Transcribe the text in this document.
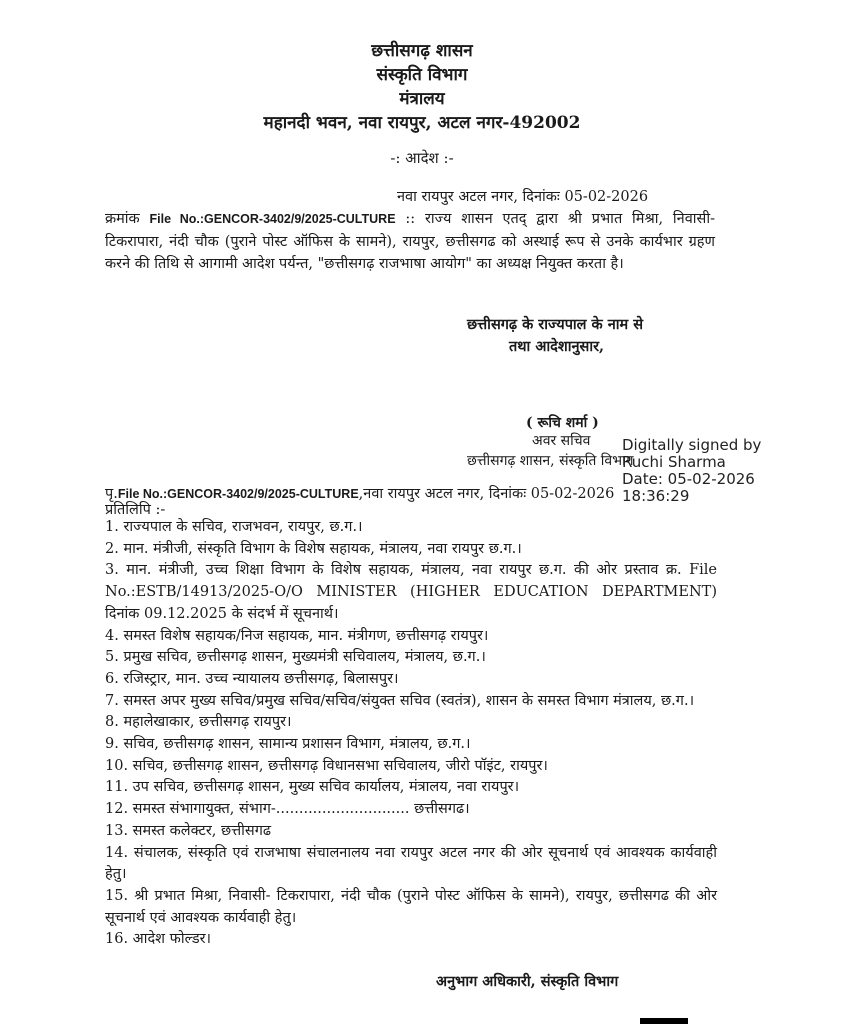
छत्तीसगढ़ शासन
संस्कृति विभाग
मंत्रालय
महानदी भवन, नवा रायपुर, अटल नगर-492002
-: आदेश :-
नवा रायपुर अटल नगर, दिनांकः 05-02-2026
क्रमांक File No.:GENCOR-3402/9/2025-CULTURE :: राज्य शासन एतद् द्वारा श्री प्रभात मिश्रा, निवासी- टिकरापारा, नंदी चौक (पुराने पोस्ट ऑफिस के सामने), रायपुर, छत्तीसगढ को अस्थाई रूप से उनके कार्यभार ग्रहण करने की तिथि से आगामी आदेश पर्यन्त, "छत्तीसगढ़ राजभाषा आयोग" का अध्यक्ष नियुक्त करता है।
छत्तीसगढ़ के राज्यपाल के नाम से
तथा आदेशानुसार,
( रूचि शर्मा )
अवर सचिव
छत्तीसगढ़ शासन, संस्कृति विभाग
पृ.File No.:GENCOR-3402/9/2025-CULTURE,नवा रायपुर अटल नगर, दिनांकः 05-02-2026
प्रतिलिपि :-
Digitally signed by
Ruchi Sharma
Date: 05-02-2026
18:36:29
1. राज्यपाल के सचिव, राजभवन, रायपुर, छ.ग.।
2. मान. मंत्रीजी, संस्कृति विभाग के विशेष सहायक, मंत्रालय, नवा रायपुर छ.ग.।
3. मान. मंत्रीजी, उच्च शिक्षा विभाग के विशेष सहायक, मंत्रालय, नवा रायपुर छ.ग. की ओर प्रस्ताव क्र. File No.:ESTB/14913/2025-O/O MINISTER (HIGHER EDUCATION DEPARTMENT) दिनांक 09.12.2025 के संदर्भ में सूचनार्थ।
4. समस्त विशेष सहायक/निज सहायक, मान. मंत्रीगण, छत्तीसगढ़ रायपुर।
5. प्रमुख सचिव, छत्तीसगढ़ शासन, मुख्यमंत्री सचिवालय, मंत्रालय, छ.ग.।
6. रजिस्ट्रार, मान. उच्च न्यायालय छत्तीसगढ़, बिलासपुर।
7. समस्त अपर मुख्य सचिव/प्रमुख सचिव/सचिव/संयुक्त सचिव (स्वतंत्र), शासन के समस्त विभाग मंत्रालय, छ.ग.।
8. महालेखाकार, छत्तीसगढ़ रायपुर।
9. सचिव, छत्तीसगढ़ शासन, सामान्य प्रशासन विभाग, मंत्रालय, छ.ग.।
10. सचिव, छत्तीसगढ़ शासन, छत्तीसगढ़ विधानसभा सचिवालय, जीरो पॉइंट, रायपुर।
11. उप सचिव, छत्तीसगढ़ शासन, मुख्य सचिव कार्यालय, मंत्रालय, नवा रायपुर।
12. समस्त संभागायुक्त, संभाग-............................. छत्तीसगढ।
13. समस्त कलेक्टर, छत्तीसगढ
14. संचालक, संस्कृति एवं राजभाषा संचालनालय नवा रायपुर अटल नगर की ओर सूचनार्थ एवं आवश्यक कार्यवाही हेतु।
15. श्री प्रभात मिश्रा, निवासी- टिकरापारा, नंदी चौक (पुराने पोस्ट ऑफिस के सामने), रायपुर, छत्तीसगढ की ओर सूचनार्थ एवं आवश्यक कार्यवाही हेतु।
16. आदेश फोल्डर।
अनुभाग अधिकारी, संस्कृति विभाग
